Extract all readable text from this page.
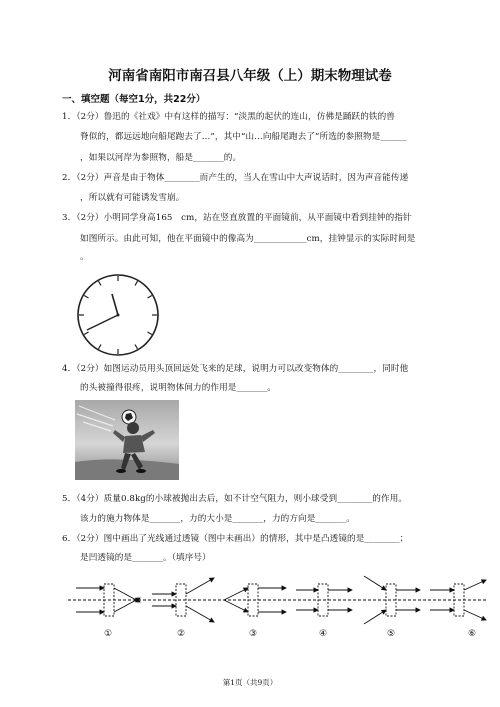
河南省南阳市南召县八年级（上）期末物理试卷
一、填空题（每空1分，共22分）
1．（2分）鲁迅的《社戏》中有这样的描写：“淡黑的起伏的连山，仿佛是踊跃的铁的兽
脊似的，都远远地向船尾跑去了…”，其中“山…向船尾跑去了”所选的参照物是______
，如果以河岸为参照物，船是_______的。
2．（2分）声音是由于物体________而产生的，当人在雪山中大声说话时，因为声音能传递
，所以就有可能诱发雪崩。
3．（2分）小明同学身高165　cm，站在竖直放置的平面镜前，从平面镜中看到挂钟的指针
如图所示。由此可知，他在平面镜中的像高为____________cm，挂钟显示的实际时间是
。
4．（2分）如图运动员用头顶回远处飞来的足球，说明力可以改变物体的________，同时他
的头被撞得很疼，说明物体间力的作用是_______。
5．（4分）质量0.8kg的小球被抛出去后，如不计空气阻力，则小球受到________的作用。
该力的施力物体是_______，力的大小是_______，力的方向是_______。
6．（2分）图中画出了光线通过透镜（图中未画出）的情形，其中是凸透镜的是________；
是凹透镜的是_______。（填序号）
①	②	③	④	⑤	⑥
第1页（共9页）
